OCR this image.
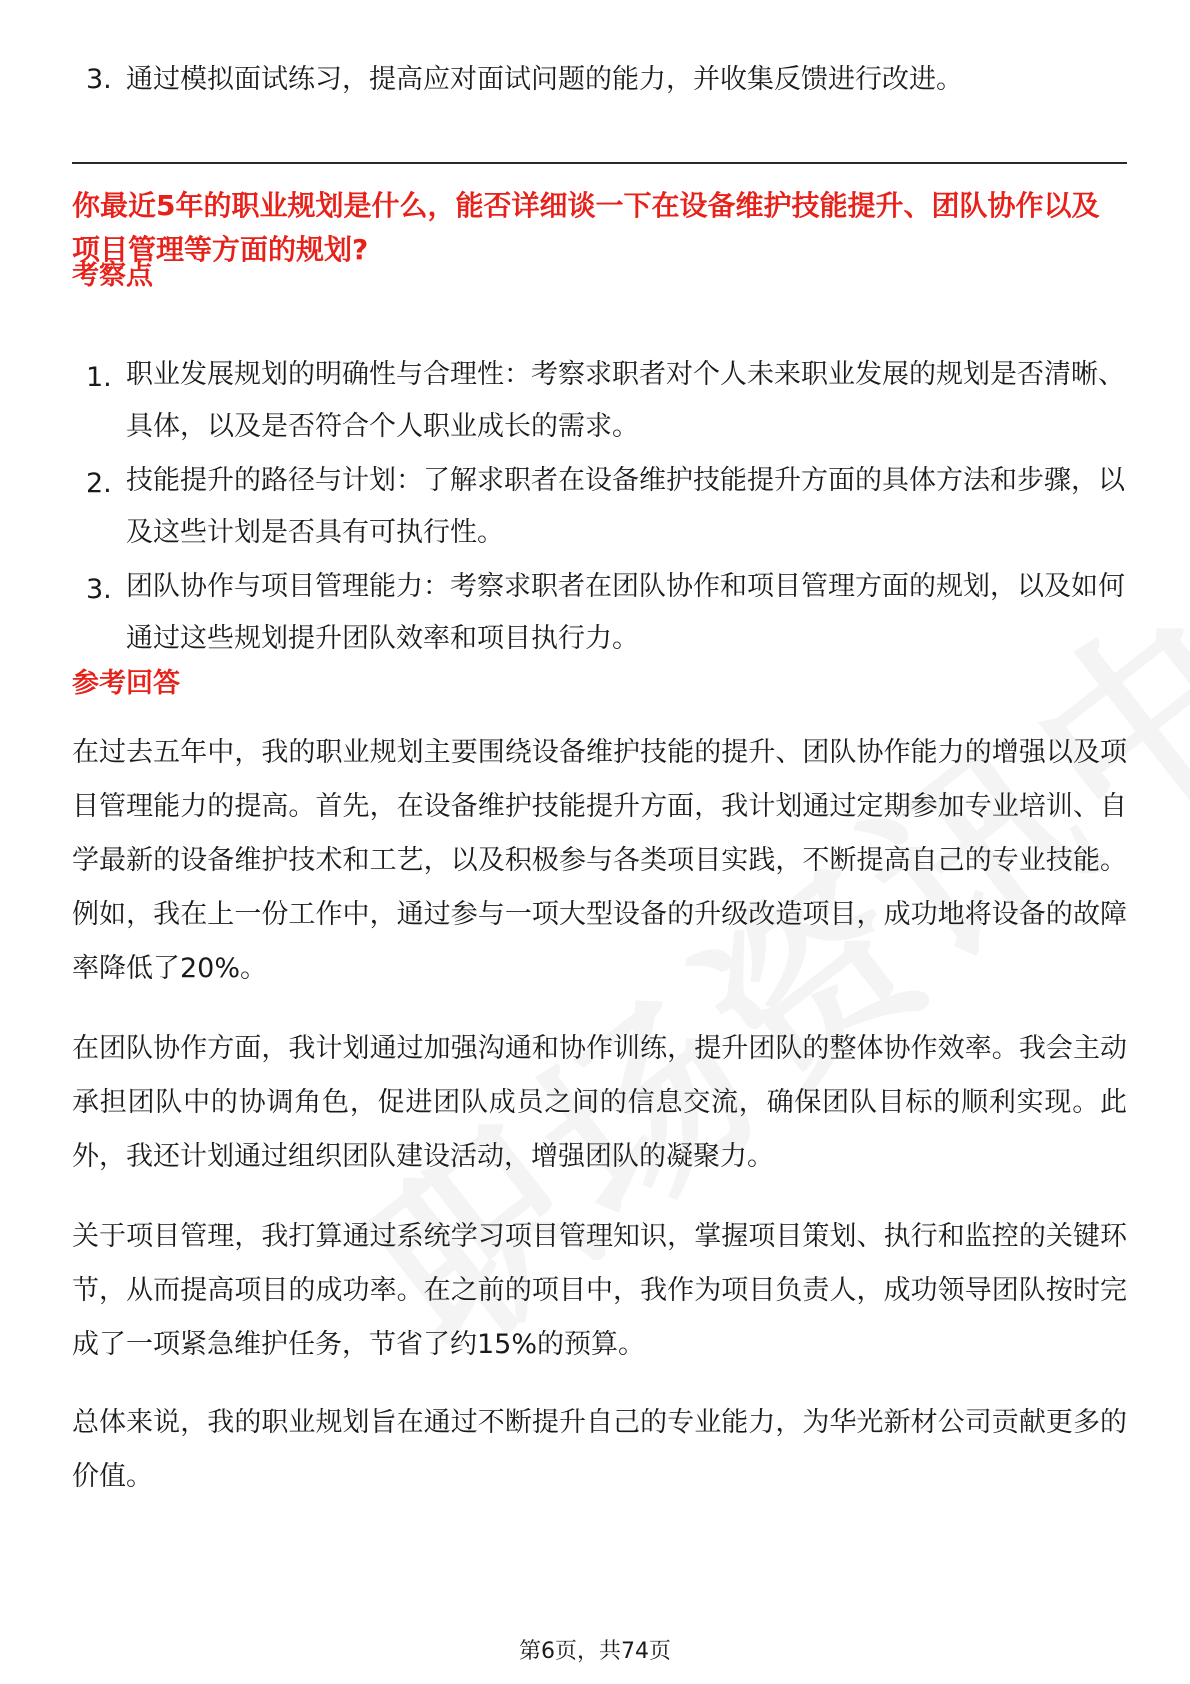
3. 通过模拟面试练习，提高应对面试问题的能力，并收集反馈进行改进。
你最近5年的职业规划是什么，能否详细谈一下在设备维护技能提升、团队协作以及项目管理等方面的规划?
考察点
1. 职业发展规划的明确性与合理性：考察求职者对个人未来职业发展的规划是否清晰、具体，以及是否符合个人职业成长的需求。
2. 技能提升的路径与计划：了解求职者在设备维护技能提升方面的具体方法和步骤，以及这些计划是否具有可执行性。
3. 团队协作与项目管理能力：考察求职者在团队协作和项目管理方面的规划，以及如何通过这些规划提升团队效率和项目执行力。
参考回答
在过去五年中，我的职业规划主要围绕设备维护技能的提升、团队协作能力的增强以及项目管理能力的提高。首先，在设备维护技能提升方面，我计划通过定期参加专业培训、自学最新的设备维护技术和工艺，以及积极参与各类项目实践，不断提高自己的专业技能。例如，我在上一份工作中，通过参与一项大型设备的升级改造项目，成功地将设备的故障率降低了20%。
在团队协作方面，我计划通过加强沟通和协作训练，提升团队的整体协作效率。我会主动承担团队中的协调角色，促进团队成员之间的信息交流，确保团队目标的顺利实现。此外，我还计划通过组织团队建设活动，增强团队的凝聚力。
关于项目管理，我打算通过系统学习项目管理知识，掌握项目策划、执行和监控的关键环节，从而提高项目的成功率。在之前的项目中，我作为项目负责人，成功领导团队按时完成了一项紧急维护任务，节省了约15%的预算。
总体来说，我的职业规划旨在通过不断提升自己的专业能力，为华光新材公司贡献更多的价值。
第6页，共74页
